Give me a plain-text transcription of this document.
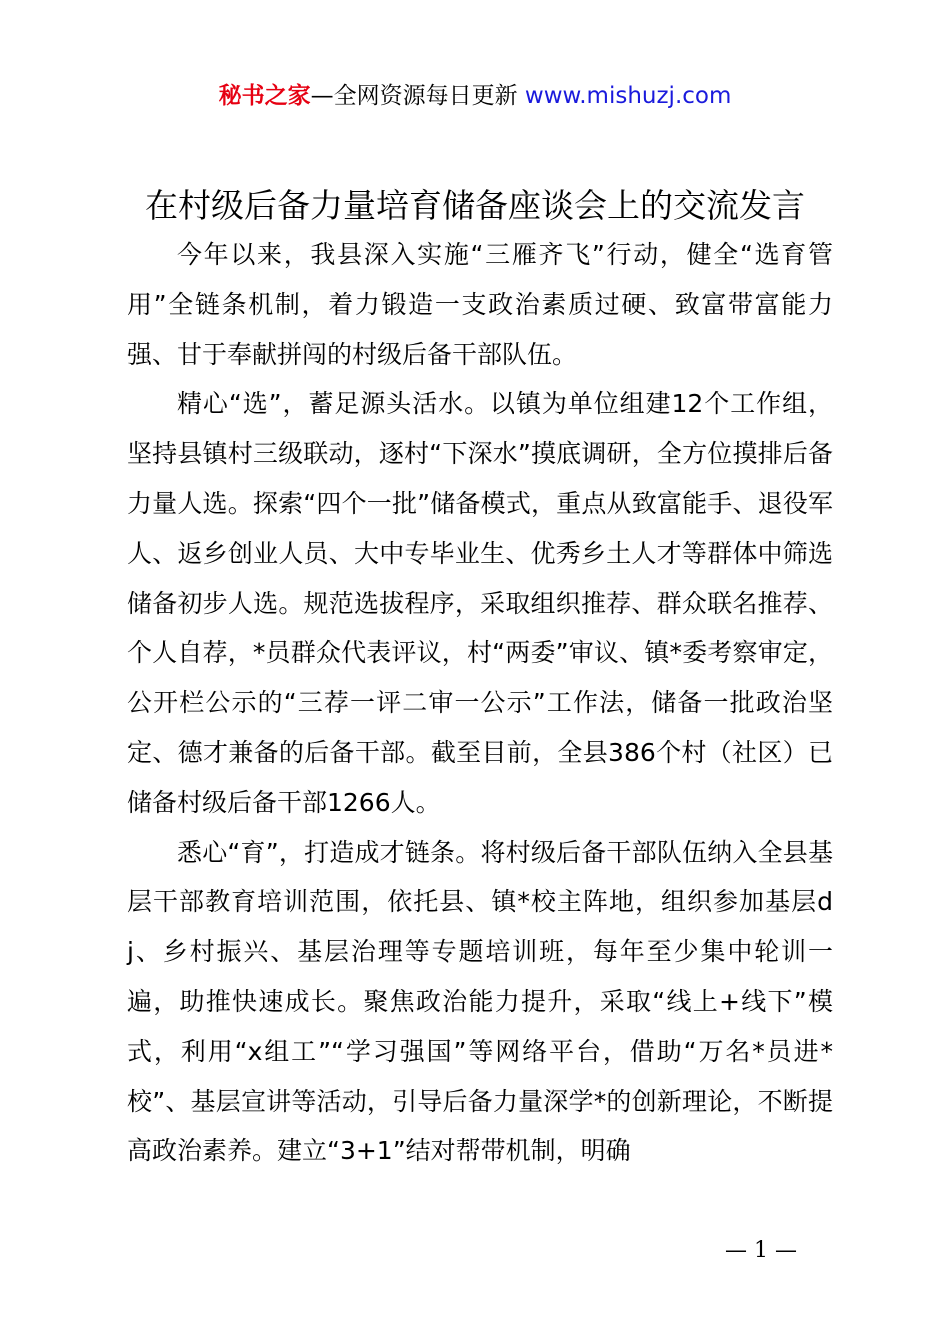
秘书之家—全网资源每日更新 www.mishuzj.com
在村级后备力量培育储备座谈会上的交流发言

今年以来，我县深入实施“三雁齐飞”行动，健全“选育管用”全链条机制，着力锻造一支政治素质过硬、致富带富能力强、甘于奉献拼闯的村级后备干部队伍。

精心“选”，蓄足源头活水。以镇为单位组建12个工作组，坚持县镇村三级联动，逐村“下深水”摸底调研，全方位摸排后备力量人选。探索“四个一批”储备模式，重点从致富能手、退役军人、返乡创业人员、大中专毕业生、优秀乡土人才等群体中筛选储备初步人选。规范选拔程序，采取组织推荐、群众联名推荐、个人自荐，*员群众代表评议，村“两委”审议、镇*委考察审定，公开栏公示的“三荐一评二审一公示”工作法，储备一批政治坚定、德才兼备的后备干部。截至目前，全县386个村（社区）已储备村级后备干部1266人。

悉心“育”，打造成才链条。将村级后备干部队伍纳入全县基层干部教育培训范围，依托县、镇*校主阵地，组织参加基层dj、乡村振兴、基层治理等专题培训班，每年至少集中轮训一遍，助推快速成长。聚焦政治能力提升，采取“线上+线下”模式，利用“x组工”“学习强国”等网络平台，借助“万名*员进*校”、基层宣讲等活动，引导后备力量深学*的创新理论，不断提高政治素养。建立“3+1”结对帮带机制，明确

— 1 —
